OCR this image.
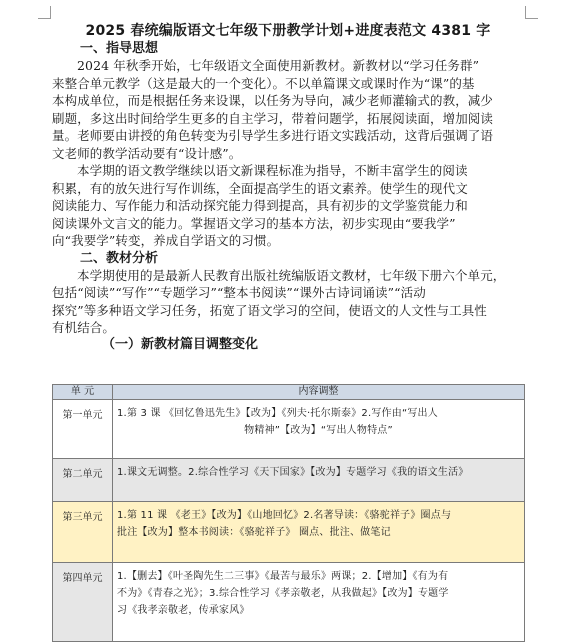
2025 春统编版语文七年级下册教学计划+进度表范文 4381 字
一、指导思想

2024 年秋季开始，七年级语文全面使用新教材。新教材以“学习任务群”

来整合单元教学（这是最大的一个变化）。不以单篇课文或课时作为“课”的基

本构成单位，而是根据任务来设课，以任务为导向，减少老师灌输式的教，减少

刷题，多这出时间给学生更多的自主学习，带着问题学，拓展阅读面，增加阅读

量。老师要由讲授的角色转变为引导学生多进行语文实践活动，这背后强调了语

文老师的教学活动要有“设计感”。

本学期的语文教学继续以语文新课程标准为指导，不断丰富学生的阅读

积累，有的放矢进行写作训练，全面提高学生的语文素养。使学生的现代文

阅读能力、写作能力和活动探究能力得到提高，具有初步的文学鉴赏能力和

阅读课外文言文的能力。掌握语文学习的基本方法，初步实现由“要我学”

向“我要学”转变，养成自学语文的习惯。

二、教材分析

本学期使用的是最新人民教育出版社统编版语文教材，七年级下册六个单元，

包括“阅读”“写作”“专题学习”“整本书阅读”“课外古诗词诵读”“活动

探究”等多种语文学习任务，拓宽了语文学习的空间，使语文的人文性与工具性

有机结合。

（一）新教材篇目调整变化
单 元	内容调整
第一单元	1.第 3 课 《回忆鲁迅先生》【改为】《列夫·托尔斯泰》2.写作由“写出人
物精神”【改为】“写出人物特点”

第二单元	1.课文无调整。2.综合性学习《天下国家》【改为】专题学习《我的语文生活》

第三单元	1.第 11 课 《老王》【改为】《山地回忆》2.名著导读：《骆驼祥子》圈点与
批注【改为】整本书阅读：《骆驼祥子》 圈点、批注、做笔记

第四单元	1.【删去】《叶圣陶先生二三事》《最苦与最乐》两课；2.【增加】《有为有
不为》《青春之光》；3.综合性学习《孝亲敬老，从我做起》【改为】专题学
习《我孝亲敬老，传承家风》
